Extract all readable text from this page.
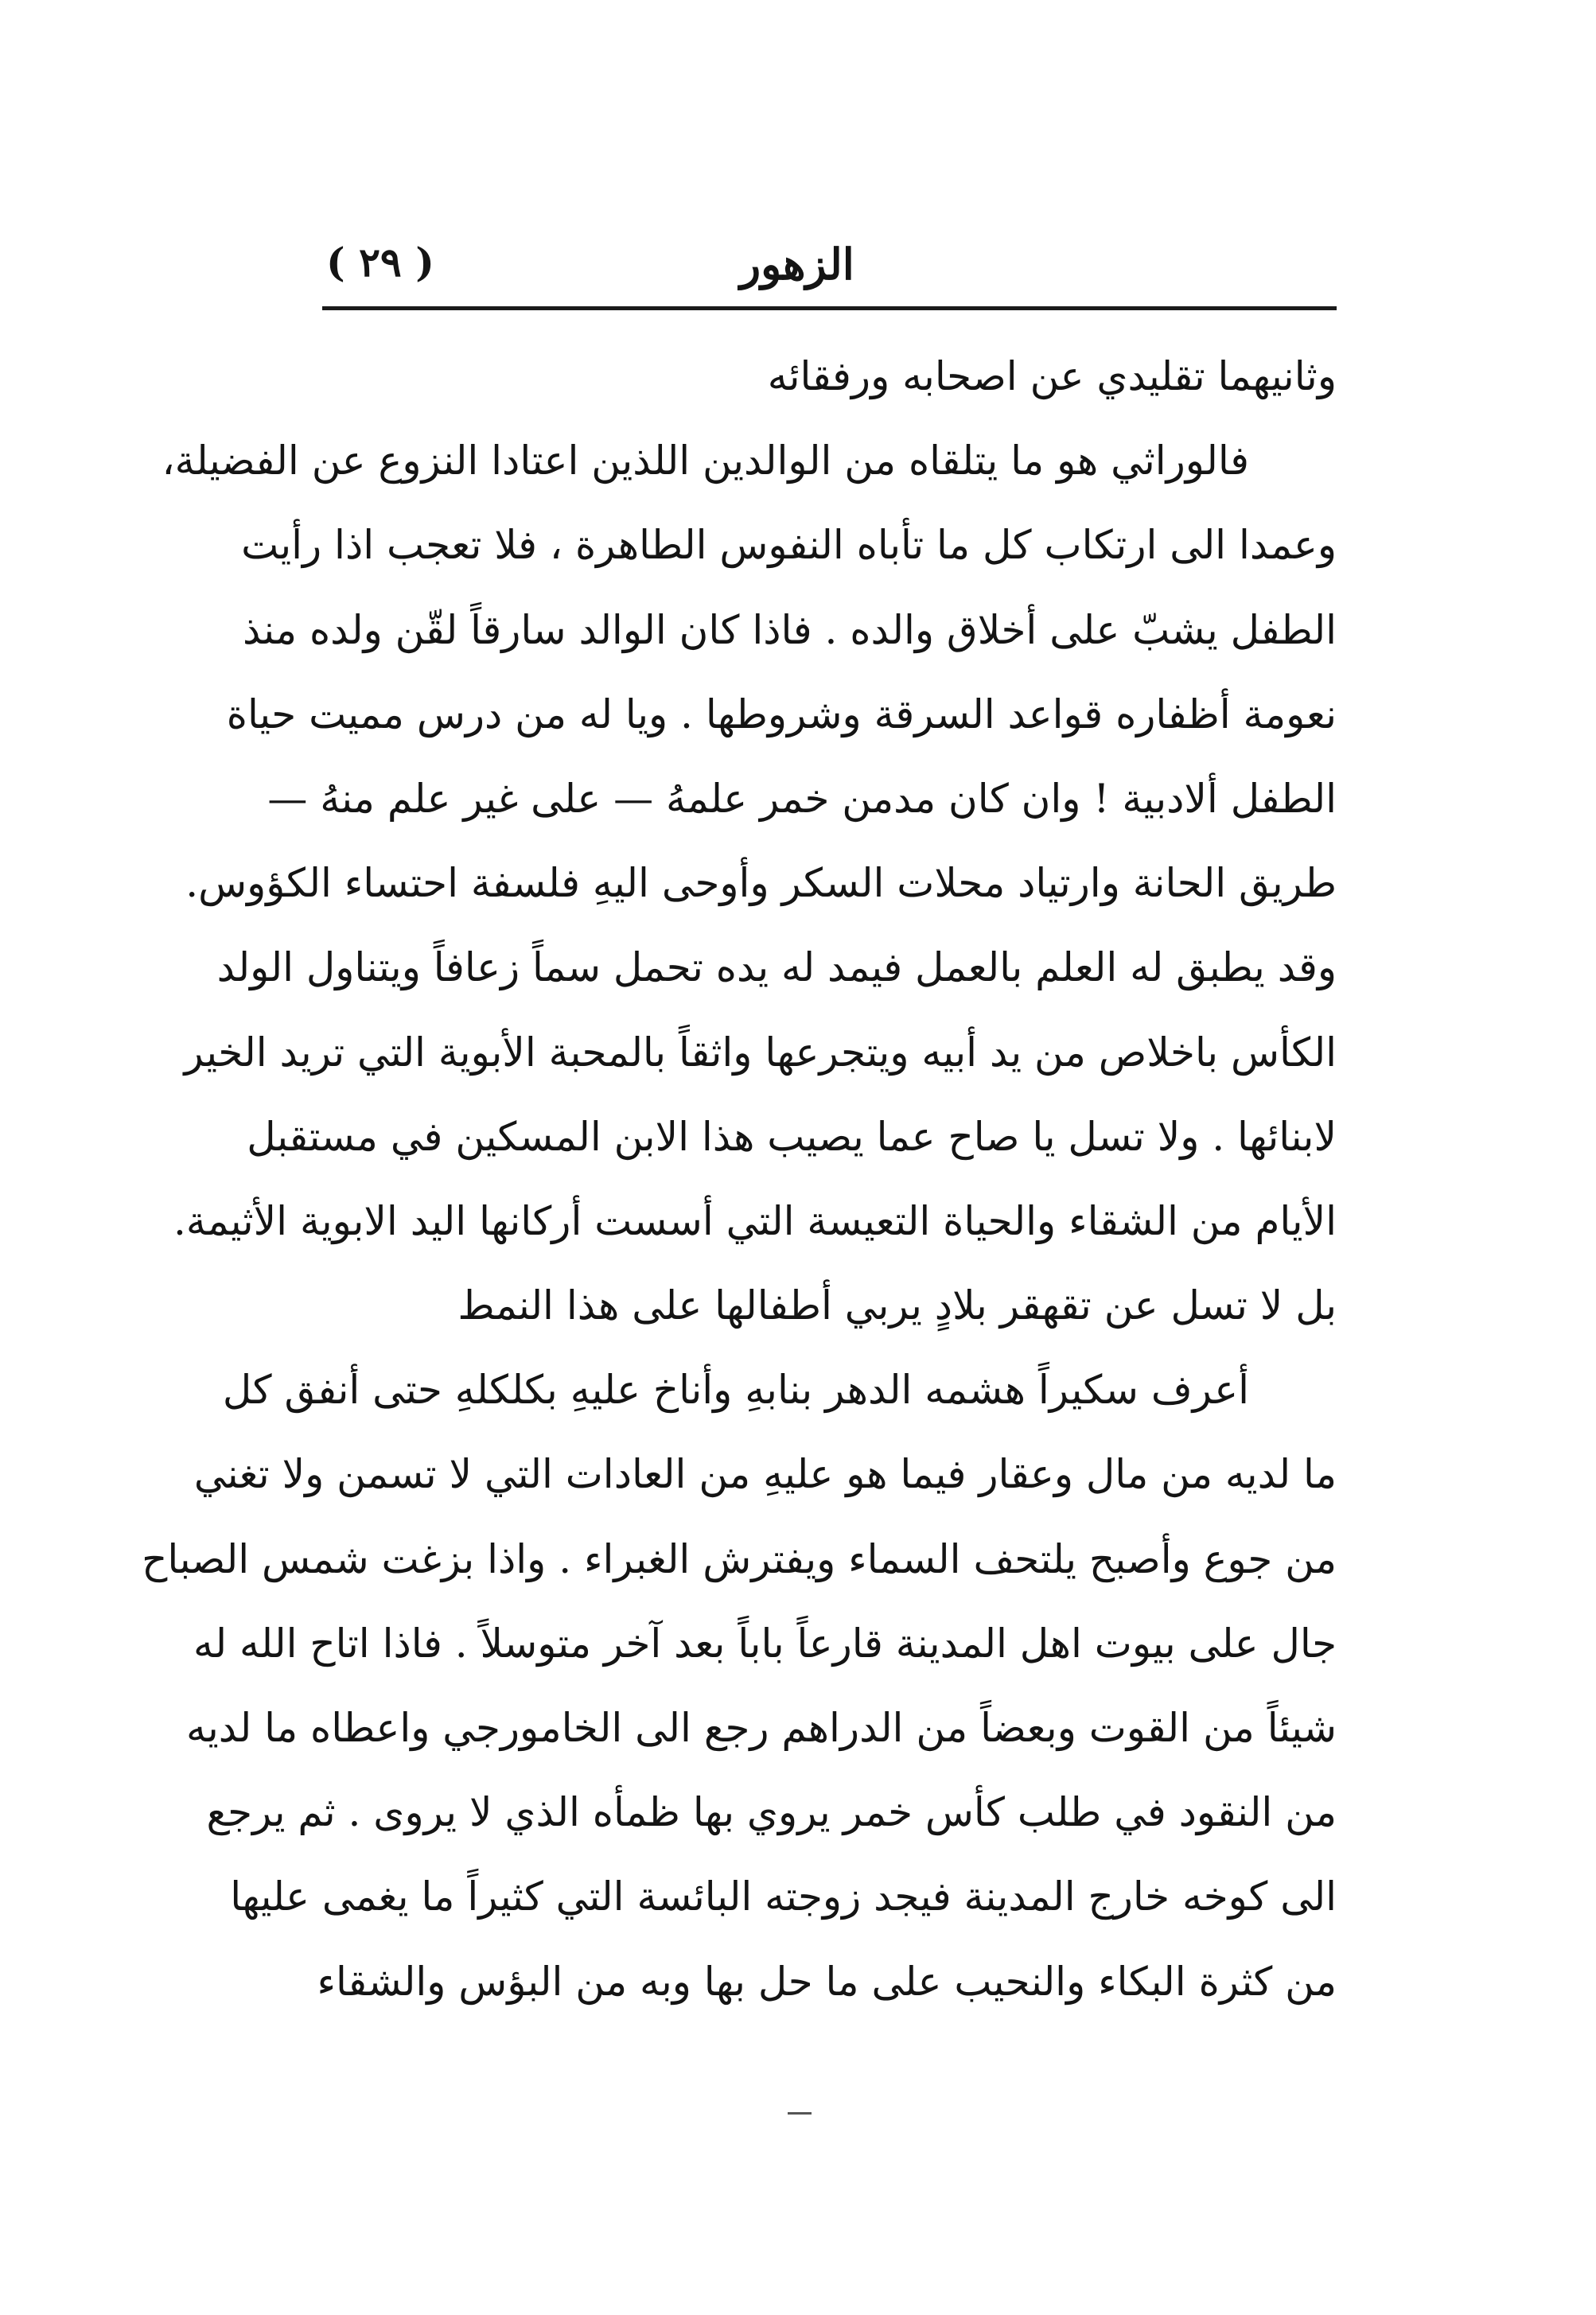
( ٢٩ )	الزهور
وثانيهما تقليدي عن اصحابه ورفقائه
فالوراثي هو ما يتلقاه من الوالدين اللذين اعتادا النزوع عن الفضيلة،
وعمدا الى ارتكاب كل ما تأباه النفوس الطاهرة ، فلا تعجب اذا رأيت
الطفل يشبّ على أخلاق والده . فاذا كان الوالد سارقاً لقّن ولده منذ
نعومة أظفاره قواعد السرقة وشروطها . ويا له من درس مميت حياة
الطفل ألادبية ! وان كان مدمن خمر علمهُ — على غير علم منهُ —
طريق الحانة وارتياد محلات السكر وأوحى اليهِ فلسفة احتساء الكؤوس.
وقد يطبق له العلم بالعمل فيمد له يده تحمل سماً زعافاً ويتناول الولد
الكأس باخلاص من يد أبيه ويتجرعها واثقاً بالمحبة الأبوية التي تريد الخير
لابنائها . ولا تسل يا صاح عما يصيب هذا الابن المسكين في مستقبل
الأيام من الشقاء والحياة التعيسة التي أسست أركانها اليد الابوية الأثيمة.
بل لا تسل عن تقهقر بلادٍ يربي أطفالها على هذا النمط
أعرف سكيراً هشمه الدهر بنابهِ وأناخ عليهِ بكلكلهِ حتى أنفق كل
ما لديه من مال وعقار فيما هو عليهِ من العادات التي لا تسمن ولا تغني
من جوع وأصبح يلتحف السماء ويفترش الغبراء . واذا بزغت شمس الصباح
جال على بيوت اهل المدينة قارعاً باباً بعد آخر متوسلاً . فاذا اتاح الله له
شيئاً من القوت وبعضاً من الدراهم رجع الى الخامورجي واعطاه ما لديه
من النقود في طلب كأس خمر يروي بها ظمأه الذي لا يروى . ثم يرجع
الى كوخه خارج المدينة فيجد زوجته البائسة التي كثيراً ما يغمى عليها
من كثرة البكاء والنحيب على ما حل بها وبه من البؤس والشقاء
